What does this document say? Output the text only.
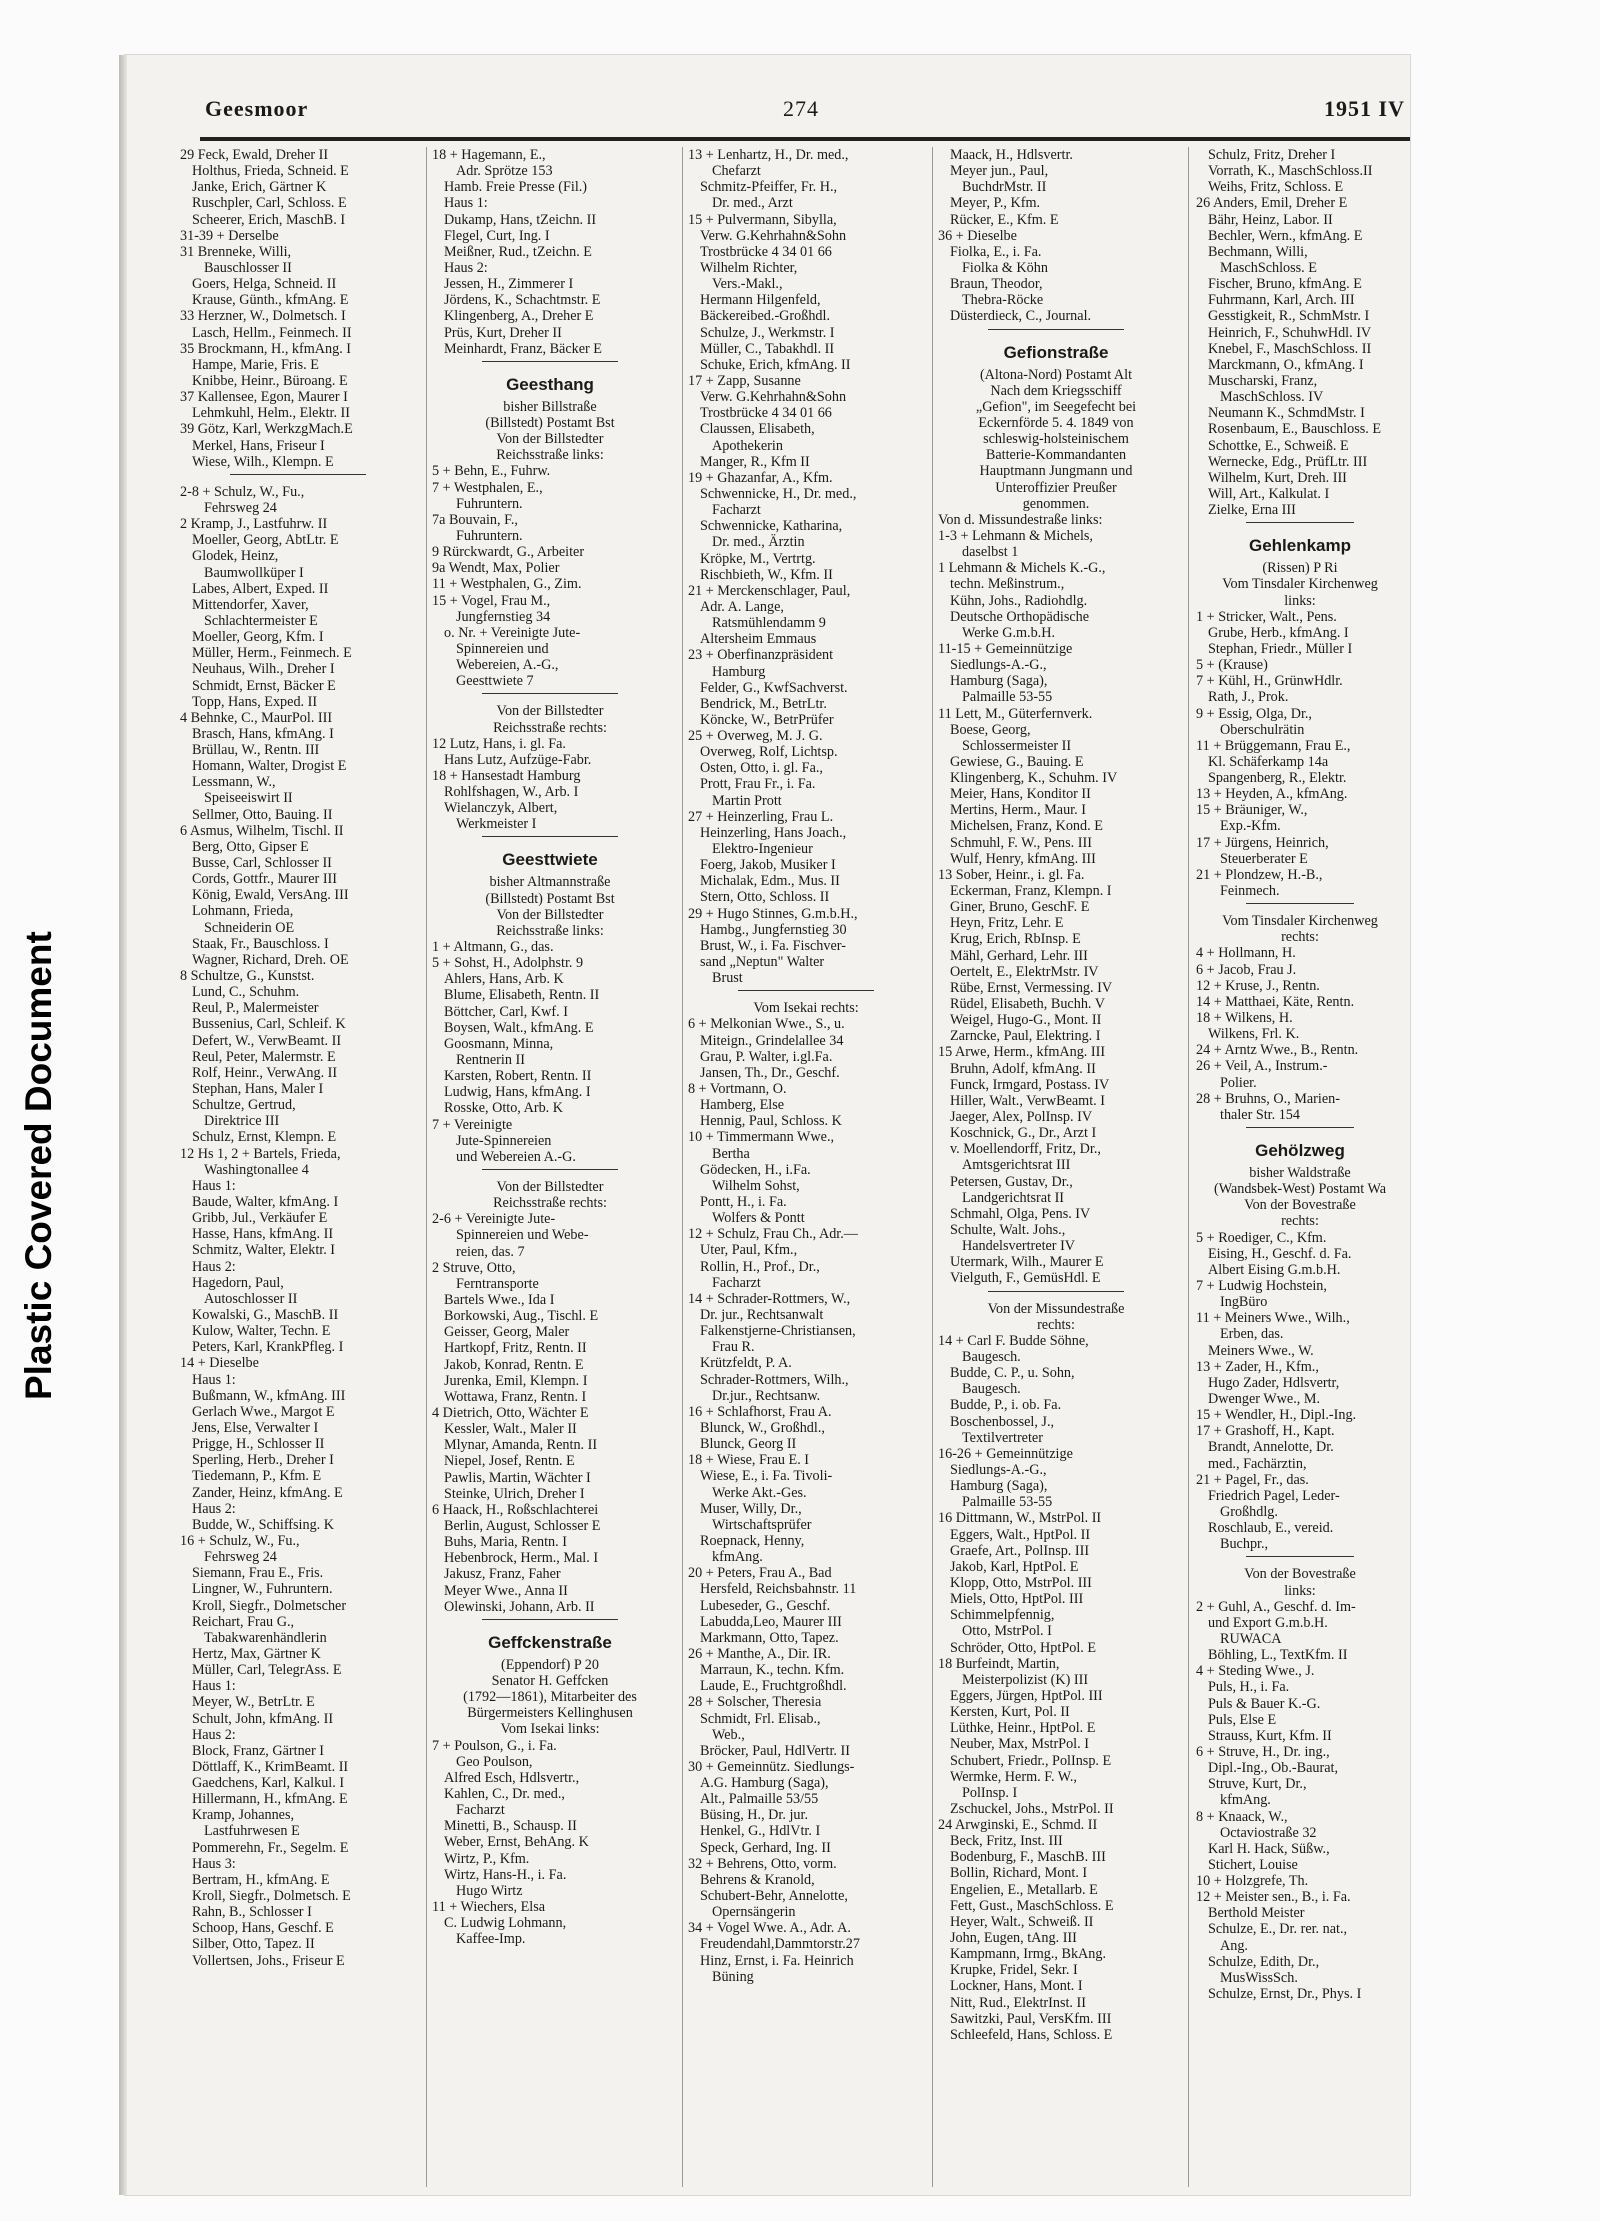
Geesmoor	274	1951 IV
29 Feck, Ewald, Dreher II
Holthus, Frieda, Schneid. E
Janke, Erich, Gärtner K
Ruschpler, Carl, Schloss. E
Scheerer, Erich, MaschB. I
31-39 + Derselbe
31 Brenneke, Willi,
Bauschlosser II
Goers, Helga, Schneid. II
Krause, Günth., kfmAng. E
33 Herzner, W., Dolmetsch. I
Lasch, Hellm., Feinmech. II
35 Brockmann, H., kfmAng. I
Hampe, Marie, Fris. E
Knibbe, Heinr., Büroang. E
37 Kallensee, Egon, Maurer I
Lehmkuhl, Helm., Elektr. II
39 Götz, Karl, WerkzgMach.E
Merkel, Hans, Friseur I
Wiese, Wilh., Klempn. E
2-8 + Schulz, W., Fu.,
Fehrsweg 24
2 Kramp, J., Lastfuhrw. II
Moeller, Georg, AbtLtr. E
Glodek, Heinz,
Baumwollküper I
Labes, Albert, Exped. II
Mittendorfer, Xaver,
Schlachtermeister E
Moeller, Georg, Kfm. I
Müller, Herm., Feinmech. E
Neuhaus, Wilh., Dreher I
Schmidt, Ernst, Bäcker E
Topp, Hans, Exped. II
4 Behnke, C., MaurPol. III
Brasch, Hans, kfmAng. I
Brüllau, W., Rentn. III
Homann, Walter, Drogist E
Lessmann, W.,
Speiseeiswirt II
Sellmer, Otto, Bauing. II
6 Asmus, Wilhelm, Tischl. II
Berg, Otto, Gipser E
Busse, Carl, Schlosser II
Cords, Gottfr., Maurer III
König, Ewald, VersAng. III
Lohmann, Frieda,
Schneiderin OE
Staak, Fr., Bauschloss. I
Wagner, Richard, Dreh. OE
8 Schultze, G., Kunstst.
Lund, C., Schuhm.
Reul, P., Malermeister
Bussenius, Carl, Schleif. K
Defert, W., VerwBeamt. II
Reul, Peter, Malermstr. E
Rolf, Heinr., VerwAng. II
Stephan, Hans, Maler I
Schultze, Gertrud,
Direktrice III
Schulz, Ernst, Klempn. E
12 Hs 1, 2 + Bartels, Frieda,
Washingtonallee 4
Haus 1:
Baude, Walter, kfmAng. I
Gribb, Jul., Verkäufer E
Hasse, Hans, kfmAng. II
Schmitz, Walter, Elektr. I
Haus 2:
Hagedorn, Paul,
Autoschlosser II
Kowalski, G., MaschB. II
Kulow, Walter, Techn. E
Peters, Karl, KrankPfleg. I
14 + Dieselbe
Haus 1:
Bußmann, W., kfmAng. III
Gerlach Wwe., Margot E
Jens, Else, Verwalter I
Prigge, H., Schlosser II
Sperling, Herb., Dreher I
Tiedemann, P., Kfm. E
Zander, Heinz, kfmAng. E
Haus 2:
Budde, W., Schiffsing. K
16 + Schulz, W., Fu.,
Fehrsweg 24
Siemann, Frau E., Fris.
Lingner, W., Fuhruntern.
Kroll, Siegfr., Dolmetscher
Reichart, Frau G.,
Tabakwarenhändlerin
Hertz, Max, Gärtner K
Müller, Carl, TelegrAss. E
Haus 1:
Meyer, W., BetrLtr. E
Schult, John, kfmAng. II
Haus 2:
Block, Franz, Gärtner I
Döttlaff, K., KrimBeamt. II
Gaedchens, Karl, Kalkul. I
Hillermann, H., kfmAng. E
Kramp, Johannes,
Lastfuhrwesen E
Pommerehn, Fr., Segelm. E
Haus 3:
Bertram, H., kfmAng. E
Kroll, Siegfr., Dolmetsch. E
Rahn, B., Schlosser I
Schoop, Hans, Geschf. E
Silber, Otto, Tapez. II
Vollertsen, Johs., Friseur E
18 + Hagemann, E.,
Adr. Sprötze 153
Hamb. Freie Presse (Fil.)
Haus 1:
Dukamp, Hans, tZeichn. II
Flegel, Curt, Ing. I
Meißner, Rud., tZeichn. E
Haus 2:
Jessen, H., Zimmerer I
Jördens, K., Schachtmstr. E
Klingenberg, A., Dreher E
Prüs, Kurt, Dreher II
Meinhardt, Franz, Bäcker E
Geesthang
bisher Billstraße
(Billstedt) Postamt Bst
Von der Billstedter
Reichsstraße links:
5 + Behn, E., Fuhrw.
7 + Westphalen, E.,
Fuhruntern.
7a Bouvain, F.,
Fuhruntern.
9 Rürckwardt, G., Arbeiter
9a Wendt, Max, Polier
11 + Westphalen, G., Zim.
15 + Vogel, Frau M.,
Jungfernstieg 34
o. Nr. + Vereinigte Jute-
Spinnereien und
Webereien, A.-G.,
Geesttwiete 7
Von der Billstedter
Reichsstraße rechts:
12 Lutz, Hans, i. gl. Fa.
Hans Lutz, Aufzüge-Fabr.
18 + Hansestadt Hamburg
Rohlfshagen, W., Arb. I
Wielanczyk, Albert,
Werkmeister I
Geesttwiete
bisher Altmannstraße
(Billstedt) Postamt Bst
Von der Billstedter
Reichsstraße links:
1 + Altmann, G., das.
5 + Sohst, H., Adolphstr. 9
Ahlers, Hans, Arb. K
Blume, Elisabeth, Rentn. II
Böttcher, Carl, Kwf. I
Boysen, Walt., kfmAng. E
Goosmann, Minna,
Rentnerin II
Karsten, Robert, Rentn. II
Ludwig, Hans, kfmAng. I
Rosske, Otto, Arb. K
7 + Vereinigte
Jute-Spinnereien
und Webereien A.-G.
Von der Billstedter
Reichsstraße rechts:
2-6 + Vereinigte Jute-
Spinnereien und Webe-
reien, das. 7
2 Struve, Otto,
Ferntransporte
Bartels Wwe., Ida I
Borkowski, Aug., Tischl. E
Geisser, Georg, Maler
Hartkopf, Fritz, Rentn. II
Jakob, Konrad, Rentn. E
Jurenka, Emil, Klempn. I
Wottawa, Franz, Rentn. I
4 Dietrich, Otto, Wächter E
Kessler, Walt., Maler II
Mlynar, Amanda, Rentn. II
Niepel, Josef, Rentn. E
Pawlis, Martin, Wächter I
Steinke, Ulrich, Dreher I
6 Haack, H., Roßschlachterei
Berlin, August, Schlosser E
Buhs, Maria, Rentn. I
Hebenbrock, Herm., Mal. I
Jakusz, Franz, Faher
Meyer Wwe., Anna II
Olewinski, Johann, Arb. II
Geffckenstraße
(Eppendorf) P 20
Senator H. Geffcken
(1792—1861), Mitarbeiter des
Bürgermeisters Kellinghusen
Vom Isekai links:
7 + Poulson, G., i. Fa.
Geo Poulson,
Alfred Esch, Hdlsvertr.,
Kahlen, C., Dr. med.,
Facharzt
Minetti, B., Schausp. II
Weber, Ernst, BehAng. K
Wirtz, P., Kfm.
Wirtz, Hans-H., i. Fa.
Hugo Wirtz
11 + Wiechers, Elsa
C. Ludwig Lohmann,
Kaffee-Imp.
13 + Lenhartz, H., Dr. med.,
Chefarzt
Schmitz-Pfeiffer, Fr. H.,
Dr. med., Arzt
15 + Pulvermann, Sibylla,
Verw. G.Kehrhahn&Sohn
Trostbrücke 4 34 01 66
Wilhelm Richter,
Vers.-Makl.,
Hermann Hilgenfeld,
Bäckereibed.-Großhdl.
Schulze, J., Werkmstr. I
Müller, C., Tabakhdl. II
Schuke, Erich, kfmAng. II
17 + Zapp, Susanne
Verw. G.Kehrhahn&Sohn
Trostbrücke 4 34 01 66
Claussen, Elisabeth,
Apothekerin
Manger, R., Kfm II
19 + Ghazanfar, A., Kfm.
Schwennicke, H., Dr. med.,
Facharzt
Schwennicke, Katharina,
Dr. med., Ärztin
Kröpke, M., Vertrtg.
Rischbieth, W., Kfm. II
21 + Merckenschlager, Paul,
Adr. A. Lange,
Ratsmühlendamm 9
Altersheim Emmaus
23 + Oberfinanzpräsident
Hamburg
Felder, G., KwfSachverst.
Bendrick, M., BetrLtr.
Köncke, W., BetrPrüfer
25 + Overweg, M. J. G.
Overweg, Rolf, Lichtsp.
Osten, Otto, i. gl. Fa.,
Prott, Frau Fr., i. Fa.
Martin Prott
27 + Heinzerling, Frau L.
Heinzerling, Hans Joach.,
Elektro-Ingenieur
Foerg, Jakob, Musiker I
Michalak, Edm., Mus. II
Stern, Otto, Schloss. II
29 + Hugo Stinnes, G.m.b.H.,
Hambg., Jungfernstieg 30
Brust, W., i. Fa. Fischver-
sand „Neptun" Walter
Brust
Vom Isekai rechts:
6 + Melkonian Wwe., S., u.
Miteign., Grindelallee 34
Grau, P. Walter, i.gl.Fa.
Jansen, Th., Dr., Geschf.
8 + Vortmann, O.
Hamberg, Else
Hennig, Paul, Schloss. K
10 + Timmermann Wwe.,
Bertha
Gödecken, H., i.Fa.
Wilhelm Sohst,
Pontt, H., i. Fa.
Wolfers & Pontt
12 + Schulz, Frau Ch., Adr.—
Uter, Paul, Kfm.,
Rollin, H., Prof., Dr.,
Facharzt
14 + Schrader-Rottmers, W.,
Dr. jur., Rechtsanwalt
Falkenstjerne-Christiansen,
Frau R.
Krützfeldt, P. A.
Schrader-Rottmers, Wilh.,
Dr.jur., Rechtsanw.
16 + Schlafhorst, Frau A.
Blunck, W., Großhdl.,
Blunck, Georg II
18 + Wiese, Frau E. I
Wiese, E., i. Fa. Tivoli-
Werke Akt.-Ges.
Muser, Willy, Dr.,
Wirtschaftsprüfer
Roepnack, Henny,
kfmAng.
20 + Peters, Frau A., Bad
Hersfeld, Reichsbahnstr. 11
Lubeseder, G., Geschf.
Labudda,Leo, Maurer III
Markmann, Otto, Tapez.
26 + Manthe, A., Dir. IR.
Marraun, K., techn. Kfm.
Laude, E., Fruchtgroßhdl.
28 + Solscher, Theresia
Schmidt, Frl. Elisab.,
Web.,
Bröcker, Paul, HdlVertr. II
30 + Gemeinnütz. Siedlungs-
A.G. Hamburg (Saga),
Alt., Palmaille 53/55
Büsing, H., Dr. jur.
Henkel, G., HdlVtr. I
Speck, Gerhard, Ing. II
32 + Behrens, Otto, vorm.
Behrens & Kranold,
Schubert-Behr, Annelotte,
Opernsängerin
34 + Vogel Wwe. A., Adr. A.
Freudendahl,Dammtorstr.27
Hinz, Ernst, i. Fa. Heinrich
Büning
Maack, H., Hdlsvertr.
Meyer jun., Paul,
BuchdrMstr. II
Meyer, P., Kfm.
Rücker, E., Kfm. E
36 + Dieselbe
Fiolka, E., i. Fa.
Fiolka & Köhn
Braun, Theodor,
Thebra-Röcke
Düsterdieck, C., Journal.
Gefionstraße
(Altona-Nord) Postamt Alt
Nach dem Kriegsschiff
„Gefion", im Seegefecht bei
Eckernförde 5. 4. 1849 von
schleswig-holsteinischem
Batterie-Kommandanten
Hauptmann Jungmann und
Unteroffizier Preußer
genommen.
Von d. Missundestraße links:
1-3 + Lehmann & Michels,
daselbst 1
1 Lehmann & Michels K.-G.,
techn. Meßinstrum.,
Kühn, Johs., Radiohdlg.
Deutsche Orthopädische
Werke G.m.b.H.
11-15 + Gemeinnützige
Siedlungs-A.-G.,
Hamburg (Saga),
Palmaille 53-55
11 Lett, M., Güterfernverk.
Boese, Georg,
Schlossermeister II
Gewiese, G., Bauing. E
Klingenberg, K., Schuhm. IV
Meier, Hans, Konditor II
Mertins, Herm., Maur. I
Michelsen, Franz, Kond. E
Schmuhl, F. W., Pens. III
Wulf, Henry, kfmAng. III
13 Sober, Heinr., i. gl. Fa.
Eckerman, Franz, Klempn. I
Giner, Bruno, GeschF. E
Heyn, Fritz, Lehr. E
Krug, Erich, RbInsp. E
Mähl, Gerhard, Lehr. III
Oertelt, E., ElektrMstr. IV
Rübe, Ernst, Vermessing. IV
Rüdel, Elisabeth, Buchh. V
Weigel, Hugo-G., Mont. II
Zarncke, Paul, Elektring. I
15 Arwe, Herm., kfmAng. III
Bruhn, Adolf, kfmAng. II
Funck, Irmgard, Postass. IV
Hiller, Walt., VerwBeamt. I
Jaeger, Alex, PolInsp. IV
Koschnick, G., Dr., Arzt I
v. Moellendorff, Fritz, Dr.,
Amtsgerichtsrat III
Petersen, Gustav, Dr.,
Landgerichtsrat II
Schmahl, Olga, Pens. IV
Schulte, Walt. Johs.,
Handelsvertreter IV
Utermark, Wilh., Maurer E
Vielguth, F., GemüsHdl. E
Von der Missundestraße
rechts:
14 + Carl F. Budde Söhne,
Baugesch.
Budde, C. P., u. Sohn,
Baugesch.
Budde, P., i. ob. Fa.
Boschenbossel, J.,
Textilvertreter
16-26 + Gemeinnützige
Siedlungs-A.-G.,
Hamburg (Saga),
Palmaille 53-55
16 Dittmann, W., MstrPol. II
Eggers, Walt., HptPol. II
Graefe, Art., PolInsp. III
Jakob, Karl, HptPol. E
Klopp, Otto, MstrPol. III
Miels, Otto, HptPol. III
Schimmelpfennig,
Otto, MstrPol. I
Schröder, Otto, HptPol. E
18 Burfeindt, Martin,
Meisterpolizist (K) III
Eggers, Jürgen, HptPol. III
Kersten, Kurt, Pol. II
Lüthke, Heinr., HptPol. E
Neuber, Max, MstrPol. I
Schubert, Friedr., PolInsp. E
Wermke, Herm. F. W.,
PolInsp. I
Zschuckel, Johs., MstrPol. II
24 Arwginski, E., Schmd. II
Beck, Fritz, Inst. III
Bodenburg, F., MaschB. III
Bollin, Richard, Mont. I
Engelien, E., Metallarb. E
Fett, Gust., MaschSchloss. E
Heyer, Walt., Schweiß. II
John, Eugen, tAng. III
Kampmann, Irmg., BkAng.
Krupke, Fridel, Sekr. I
Lockner, Hans, Mont. I
Nitt, Rud., ElektrInst. II
Sawitzki, Paul, VersKfm. III
Schleefeld, Hans, Schloss. E
Schulz, Fritz, Dreher I
Vorrath, K., MaschSchloss.II
Weihs, Fritz, Schloss. E
26 Anders, Emil, Dreher E
Bähr, Heinz, Labor. II
Bechler, Wern., kfmAng. E
Bechmann, Willi,
MaschSchloss. E
Fischer, Bruno, kfmAng. E
Fuhrmann, Karl, Arch. III
Gesstigkeit, R., SchmMstr. I
Heinrich, F., SchuhwHdl. IV
Knebel, F., MaschSchloss. II
Marckmann, O., kfmAng. I
Muscharski, Franz,
MaschSchloss. IV
Neumann K., SchmdMstr. I
Rosenbaum, E., Bauschloss. E
Schottke, E., Schweiß. E
Wernecke, Edg., PrüfLtr. III
Wilhelm, Kurt, Dreh. III
Will, Art., Kalkulat. I
Zielke, Erna III
Gehlenkamp
(Rissen) P Ri
Vom Tinsdaler Kirchenweg
links:
1 + Stricker, Walt., Pens.
Grube, Herb., kfmAng. I
Stephan, Friedr., Müller I
5 + (Krause)
7 + Kühl, H., GrünwHdlr.
Rath, J., Prok.
9 + Essig, Olga, Dr.,
Oberschulrätin
11 + Brüggemann, Frau E.,
Kl. Schäferkamp 14a
Spangenberg, R., Elektr.
13 + Heyden, A., kfmAng.
15 + Bräuniger, W.,
Exp.-Kfm.
17 + Jürgens, Heinrich,
Steuerberater E
21 + Plondzew, H.-B.,
Feinmech.
Vom Tinsdaler Kirchenweg
rechts:
4 + Hollmann, H.
6 + Jacob, Frau J.
12 + Kruse, J., Rentn.
14 + Matthaei, Käte, Rentn.
18 + Wilkens, H.
Wilkens, Frl. K.
24 + Arntz Wwe., B., Rentn.
26 + Veil, A., Instrum.-
Polier.
28 + Bruhns, O., Marien-
thaler Str. 154
Gehölzweg
bisher Waldstraße
(Wandsbek-West) Postamt Wa
Von der Bovestraße
rechts:
5 + Roediger, C., Kfm.
Eising, H., Geschf. d. Fa.
Albert Eising G.m.b.H.
7 + Ludwig Hochstein,
IngBüro
11 + Meiners Wwe., Wilh.,
Erben, das.
Meiners Wwe., W.
13 + Zader, H., Kfm.,
Hugo Zader, Hdlsvertr,
Dwenger Wwe., M.
15 + Wendler, H., Dipl.-Ing.
17 + Grashoff, H., Kapt.
Brandt, Annelotte, Dr.
med., Fachärztin,
21 + Pagel, Fr., das.
Friedrich Pagel, Leder-
Großhdlg.
Roschlaub, E., vereid.
Buchpr.,
Von der Bovestraße
links:
2 + Guhl, A., Geschf. d. Im-
und Export G.m.b.H.
RUWACA
Böhling, L., TextKfm. II
4 + Steding Wwe., J.
Puls, H., i. Fa.
Puls & Bauer K.-G.
Puls, Else E
Strauss, Kurt, Kfm. II
6 + Struve, H., Dr. ing.,
Dipl.-Ing., Ob.-Baurat,
Struve, Kurt, Dr.,
kfmAng.
8 + Knaack, W.,
Octaviostraße 32
Karl H. Hack, Süßw.,
Stichert, Louise
10 + Holzgrefe, Th.
12 + Meister sen., B., i. Fa.
Berthold Meister
Schulze, E., Dr. rer. nat.,
Ang.
Schulze, Edith, Dr.,
MusWissSch.
Schulze, Ernst, Dr., Phys. I
